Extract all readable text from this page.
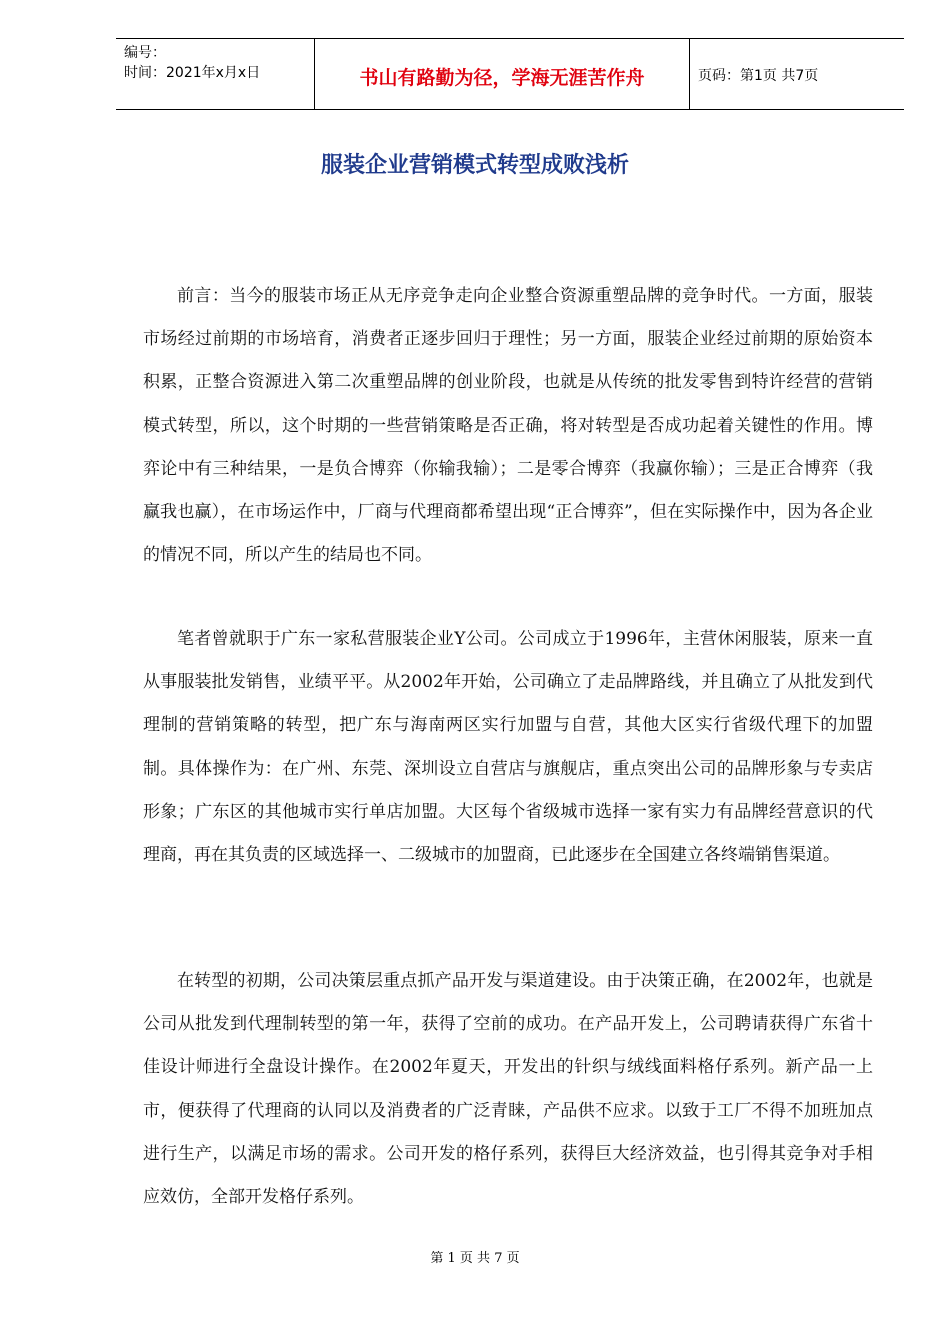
编号：
时间：2021年x月x日	书山有路勤为径，学海无涯苦作舟	页码：第1页 共7页
服装企业营销模式转型成败浅析

前言：当今的服装市场正从无序竞争走向企业整合资源重塑品牌的竞争时代。一方面，服装市场经过前期的市场培育，消费者正逐步回归于理性；另一方面，服装企业经过前期的原始资本积累，正整合资源进入第二次重塑品牌的创业阶段，也就是从传统的批发零售到特许经营的营销模式转型，所以，这个时期的一些营销策略是否正确，将对转型是否成功起着关键性的作用。博弈论中有三种结果，一是负合博弈（你输我输）；二是零合博弈（我赢你输）；三是正合博弈（我赢我也赢），在市场运作中，厂商与代理商都希望出现“正合博弈”，但在实际操作中，因为各企业的情况不同，所以产生的结局也不同。

笔者曾就职于广东一家私营服装企业Y公司。公司成立于1996年，主营休闲服装，原来一直从事服装批发销售，业绩平平。从2002年开始，公司确立了走品牌路线，并且确立了从批发到代理制的营销策略的转型，把广东与海南两区实行加盟与自营，其他大区实行省级代理下的加盟制。具体操作为：在广州、东莞、深圳设立自营店与旗舰店，重点突出公司的品牌形象与专卖店形象；广东区的其他城市实行单店加盟。大区每个省级城市选择一家有实力有品牌经营意识的代理商，再在其负责的区域选择一、二级城市的加盟商，已此逐步在全国建立各终端销售渠道。

在转型的初期，公司决策层重点抓产品开发与渠道建设。由于决策正确，在2002年，也就是公司从批发到代理制转型的第一年，获得了空前的成功。在产品开发上，公司聘请获得广东省十佳设计师进行全盘设计操作。在2002年夏天，开发出的针织与绒线面料格仔系列。新产品一上市，便获得了代理商的认同以及消费者的广泛青睐，产品供不应求。以致于工厂不得不加班加点进行生产，以满足市场的需求。公司开发的格仔系列，获得巨大经济效益，也引得其竞争对手相应效仿，全部开发格仔系列。

第 1 页 共 7 页
